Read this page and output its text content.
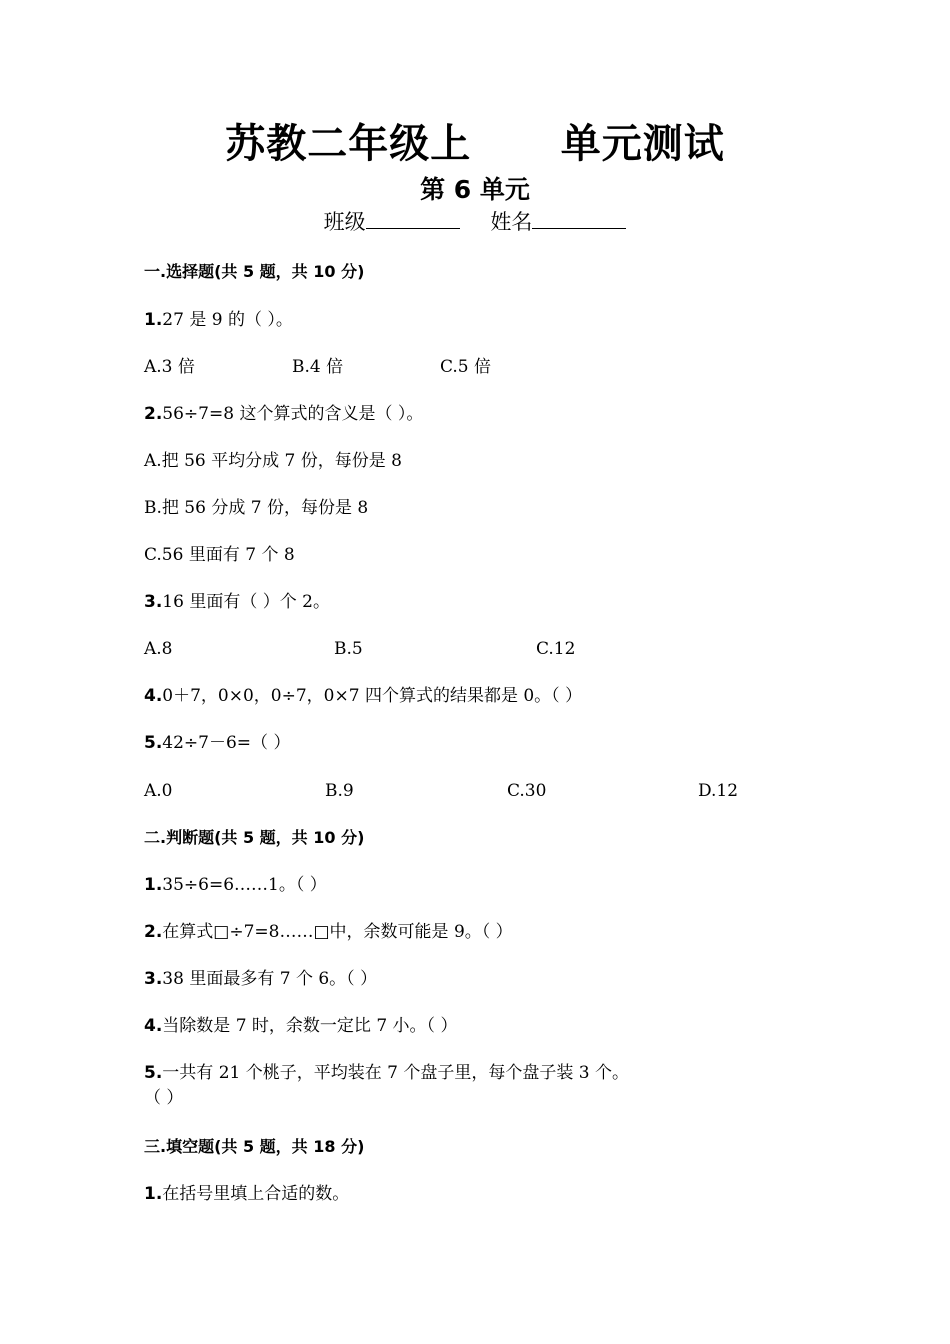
苏教二年级上      单元测试
第 6 单元
班级	姓名
一.选择题(共 5 题，共 10 分)
1.27 是 9 的（ ）。
A.3 倍	B.4 倍	C.5 倍
2.56÷7=8 这个算式的含义是（ ）。
A.把 56 平均分成 7 份，每份是 8
B.把 56 分成 7 份，每份是 8
C.56 里面有 7 个 8
3.16 里面有（ ）个 2。
A.8	B.5	C.12
4.0＋7，0×0，0÷7，0×7 四个算式的结果都是 0。（ ）
5.42÷7－6=（ ）
A.0	B.9	C.30	D.12
二.判断题(共 5 题，共 10 分)
1.35÷6=6……1。（ ）
2.在算式□÷7=8……□中，余数可能是 9。（ ）
3.38 里面最多有 7 个 6。（ ）
4.当除数是 7 时，余数一定比 7 小。（ ）
5.一共有 21 个桃子，平均装在 7 个盘子里，每个盘子装 3 个。 （ ）
三.填空题(共 5 题，共 18 分)
1.在括号里填上合适的数。
